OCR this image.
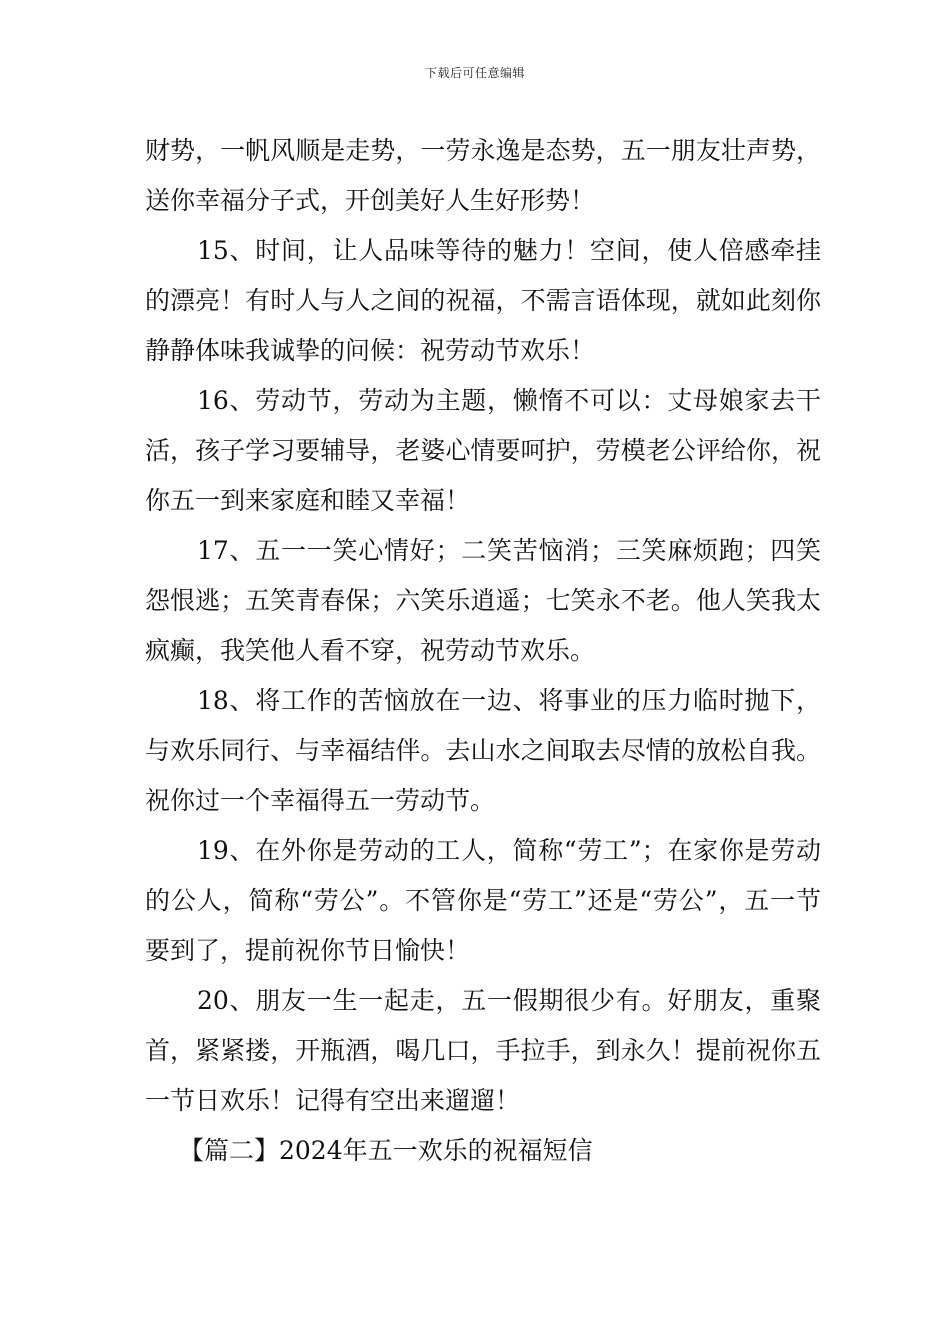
下载后可任意编辑

财势，一帆风顺是走势，一劳永逸是态势，五一朋友壮声势，送你幸福分子式，开创美好人生好形势！

15、时间，让人品味等待的魅力！空间，使人倍感牵挂的漂亮！有时人与人之间的祝福，不需言语体现，就如此刻你静静体味我诚挚的问候：祝劳动节欢乐！

16、劳动节，劳动为主题，懒惰不可以：丈母娘家去干活，孩子学习要辅导，老婆心情要呵护，劳模老公评给你，祝你五一到来家庭和睦又幸福！

17、五一一笑心情好；二笑苦恼消；三笑麻烦跑；四笑怨恨逃；五笑青春保；六笑乐逍遥；七笑永不老。他人笑我太疯癫，我笑他人看不穿，祝劳动节欢乐。

18、将工作的苦恼放在一边、将事业的压力临时抛下，与欢乐同行、与幸福结伴。去山水之间取去尽情的放松自我。祝你过一个幸福得五一劳动节。

19、在外你是劳动的工人，简称“劳工”；在家你是劳动的公人，简称“劳公”。不管你是“劳工”还是“劳公”，五一节要到了，提前祝你节日愉快！

20、朋友一生一起走，五一假期很少有。好朋友，重聚首，紧紧搂，开瓶酒，喝几口，手拉手，到永久！提前祝你五一节日欢乐！记得有空出来遛遛！

【篇二】2024年五一欢乐的祝福短信
